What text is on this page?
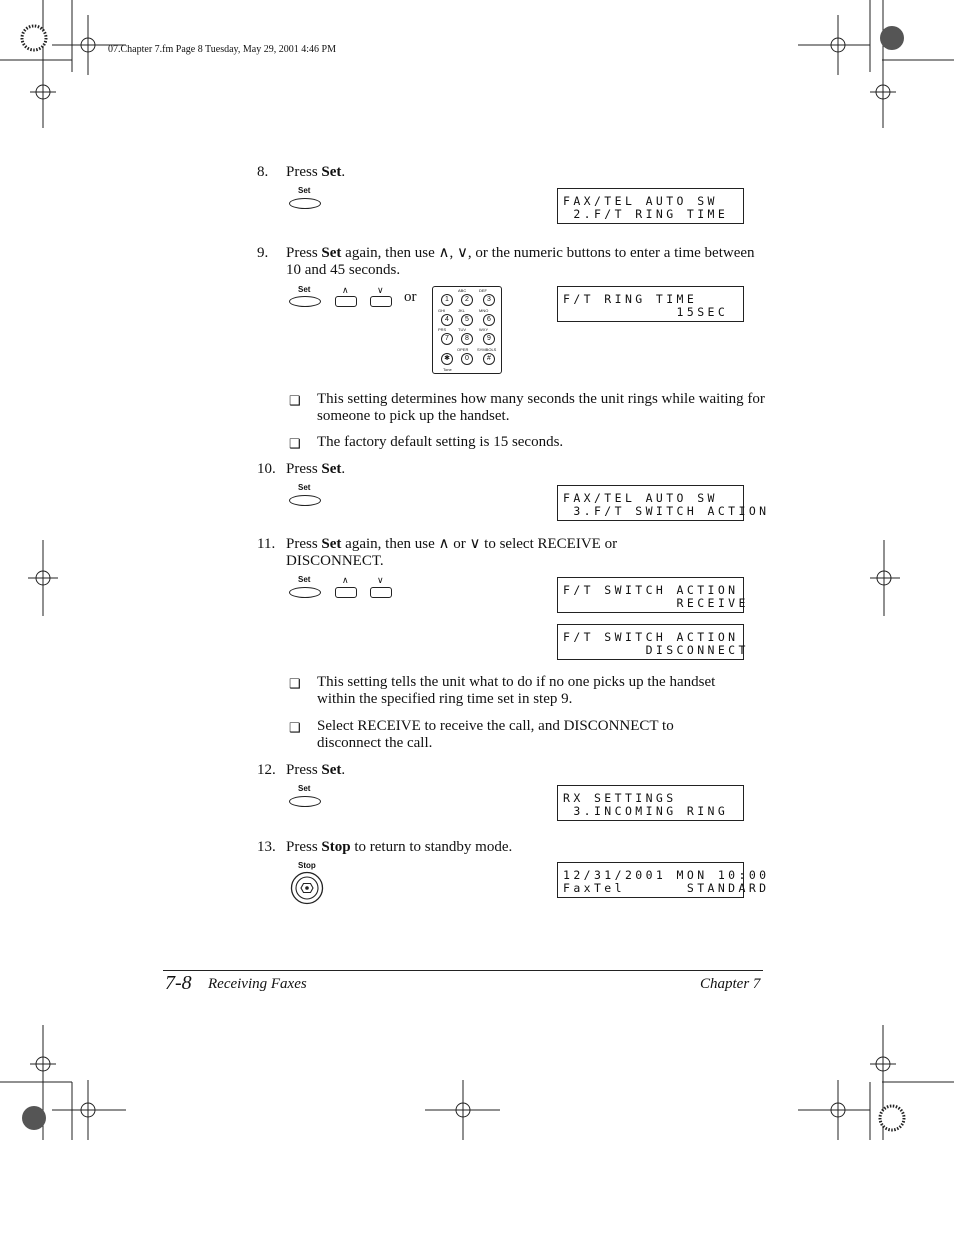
07.Chapter 7.fm Page 8 Tuesday, May 29, 2001 4:46 PM
8.	Press Set.
Set
FAX/TEL AUTO SW
2.F/T RING TIME
9.	Press Set again, then use ∧, ∨, or the numeric buttons to enter a time between 10 and 45 seconds.
Set	∧	∨ or	1	2	3
4	5	6
7	8	9
✱	0	#
ABC	DEF
GHI	JKL	MNO
PRS	TUV	WXY
OPER SYMBOLS
Tone
F/T RING TIME
15SEC
❑ This setting determines how many seconds the unit rings while waiting for someone to pick up the handset.
❑ The factory default setting is 15 seconds.
10. Press Set.
Set
FAX/TEL AUTO SW
3.F/T SWITCH ACTION
11. Press Set again, then use ∧ or ∨ to select RECEIVE or DISCONNECT.
Set	∧	∨
F/T SWITCH ACTION
RECEIVE
F/T SWITCH ACTION
DISCONNECT
❑ This setting tells the unit what to do if no one picks up the handset within the specified ring time set in step 9.
❑ Select RECEIVE to receive the call, and DISCONNECT to disconnect the call.
12. Press Set.
Set
RX SETTINGS
3.INCOMING RING
13. Press Stop to return to standby mode.
Stop
12/31/2001 MON 10:00
FaxTel      STANDARD
7-8 Receiving Faxes	Chapter 7
